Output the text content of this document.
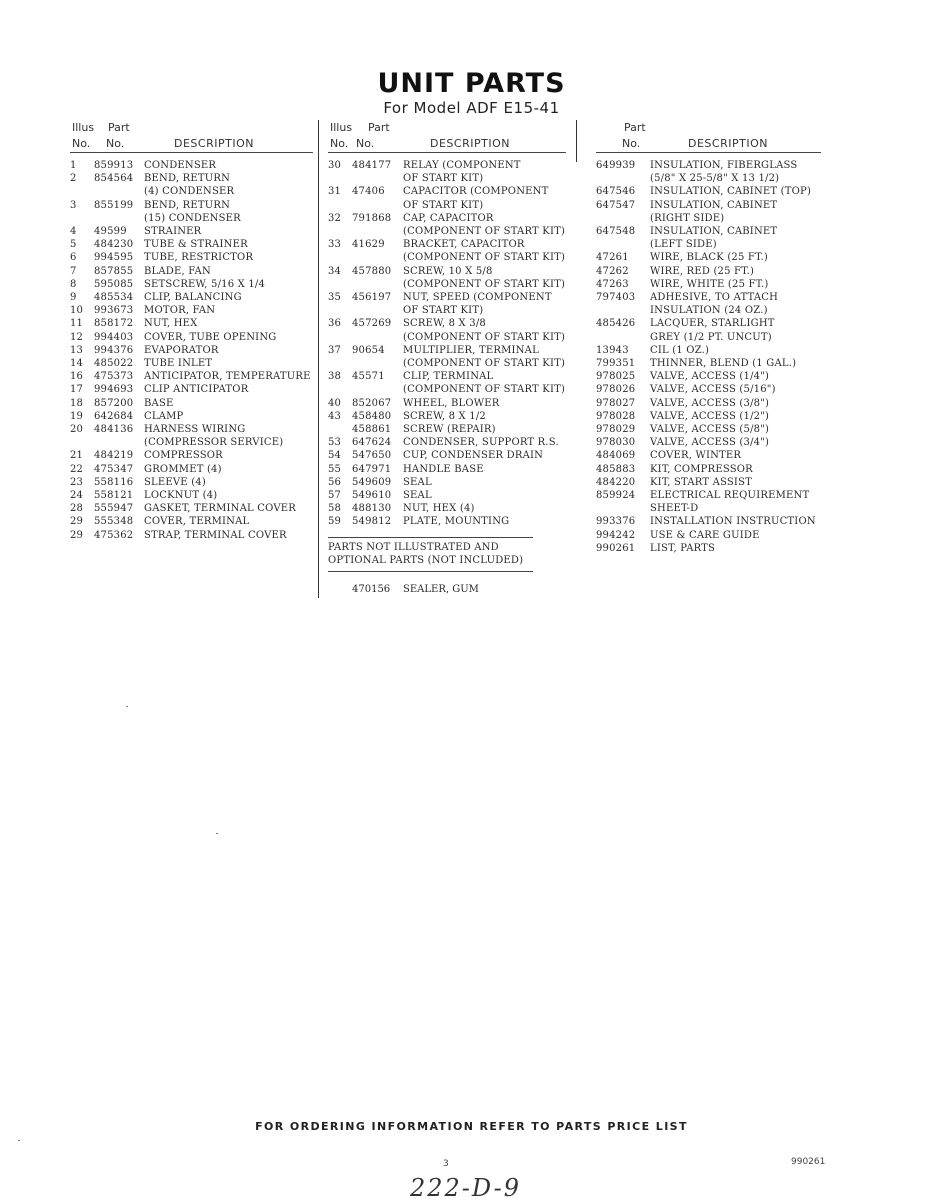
UNIT PARTS
For Model ADF E15-41
Illus
No.
Part
No.	DESCRIPTION
1	859913	CONDENSER
2	854564	BEND, RETURN
(4) CONDENSER
3	855199	BEND, RETURN
(15) CONDENSER
4	49599	STRAINER
5	484230	TUBE & STRAINER
6	994595	TUBE, RESTRICTOR
7	857855	BLADE, FAN
8	595085	SETSCREW, 5/16 X 1/4
9	485534	CLIP, BALANCING
10	993673	MOTOR, FAN
11	858172	NUT, HEX
12	994403	COVER, TUBE OPENING
13	994376	EVAPORATOR
14	485022	TUBE INLET
16	475373	ANTICIPATOR, TEMPERATURE
17	994693	CLIP ANTICIPATOR
18	857200	BASE
19	642684	CLAMP
20	484136	HARNESS WIRING
(COMPRESSOR SERVICE)
21	484219	COMPRESSOR
22	475347	GROMMET (4)
23	558116	SLEEVE (4)
24	558121	LOCKNUT (4)
28	555947	GASKET, TERMINAL COVER
29	555348	COVER, TERMINAL
29	475362	STRAP, TERMINAL COVER
Illus
No.
Part
No.	DESCRIPTION
30	484177	RELAY (COMPONENT
OF START KIT)
31	47406	CAPACITOR (COMPONENT
OF START KIT)
32	791868	CAP, CAPACITOR
(COMPONENT OF START KIT)
33	41629	BRACKET, CAPACITOR
(COMPONENT OF START KIT)
34	457880	SCREW, 10 X 5/8
(COMPONENT OF START KIT)
35	456197	NUT, SPEED (COMPONENT
OF START KIT)
36	457269	SCREW, 8 X 3/8
(COMPONENT OF START KIT)
37	90654	MULTIPLIER, TERMINAL
(COMPONENT OF START KIT)
38	45571	CLIP, TERMINAL
(COMPONENT OF START KIT)
40	852067	WHEEL, BLOWER
43	458480	SCREW, 8 X 1/2
458861	SCREW (REPAIR)
53	647624	CONDENSER, SUPPORT R.S.
54	547650	CUP, CONDENSER DRAIN
55	647971	HANDLE BASE
56	549609	SEAL
57	549610	SEAL
58	488130	NUT, HEX (4)
59	549812	PLATE, MOUNTING
PARTS NOT ILLUSTRATED AND
OPTIONAL PARTS (NOT INCLUDED)
470156	SEALER, GUM
Part
No.	DESCRIPTION
649939	INSULATION, FIBERGLASS
(5/8" X 25-5/8" X 13 1/2)
647546	INSULATION, CABINET (TOP)
647547	INSULATION, CABINET
(RIGHT SIDE)
647548	INSULATION, CABINET
(LEFT SIDE)
47261	WIRE, BLACK (25 FT.)
47262	WIRE, RED (25 FT.)
47263	WIRE, WHITE (25 FT.)
797403	ADHESIVE, TO ATTACH
INSULATION (24 OZ.)
485426	LACQUER, STARLIGHT
GREY (1/2 PT. UNCUT)
13943	CIL (1 OZ.)
799351	THINNER, BLEND (1 GAL.)
978025	VALVE, ACCESS (1/4")
978026	VALVE, ACCESS (5/16")
978027	VALVE, ACCESS (3/8")
978028	VALVE, ACCESS (1/2")
978029	VALVE, ACCESS (5/8")
978030	VALVE, ACCESS (3/4")
484069	COVER, WINTER
485883	KIT, COMPRESSOR
484220	KIT, START ASSIST
859924	ELECTRICAL REQUIREMENT
SHEET-D
993376	INSTALLATION INSTRUCTION
994242	USE & CARE GUIDE
990261	LIST, PARTS
FOR ORDERING INFORMATION REFER TO PARTS PRICE LIST
3	990261
222-D-9
